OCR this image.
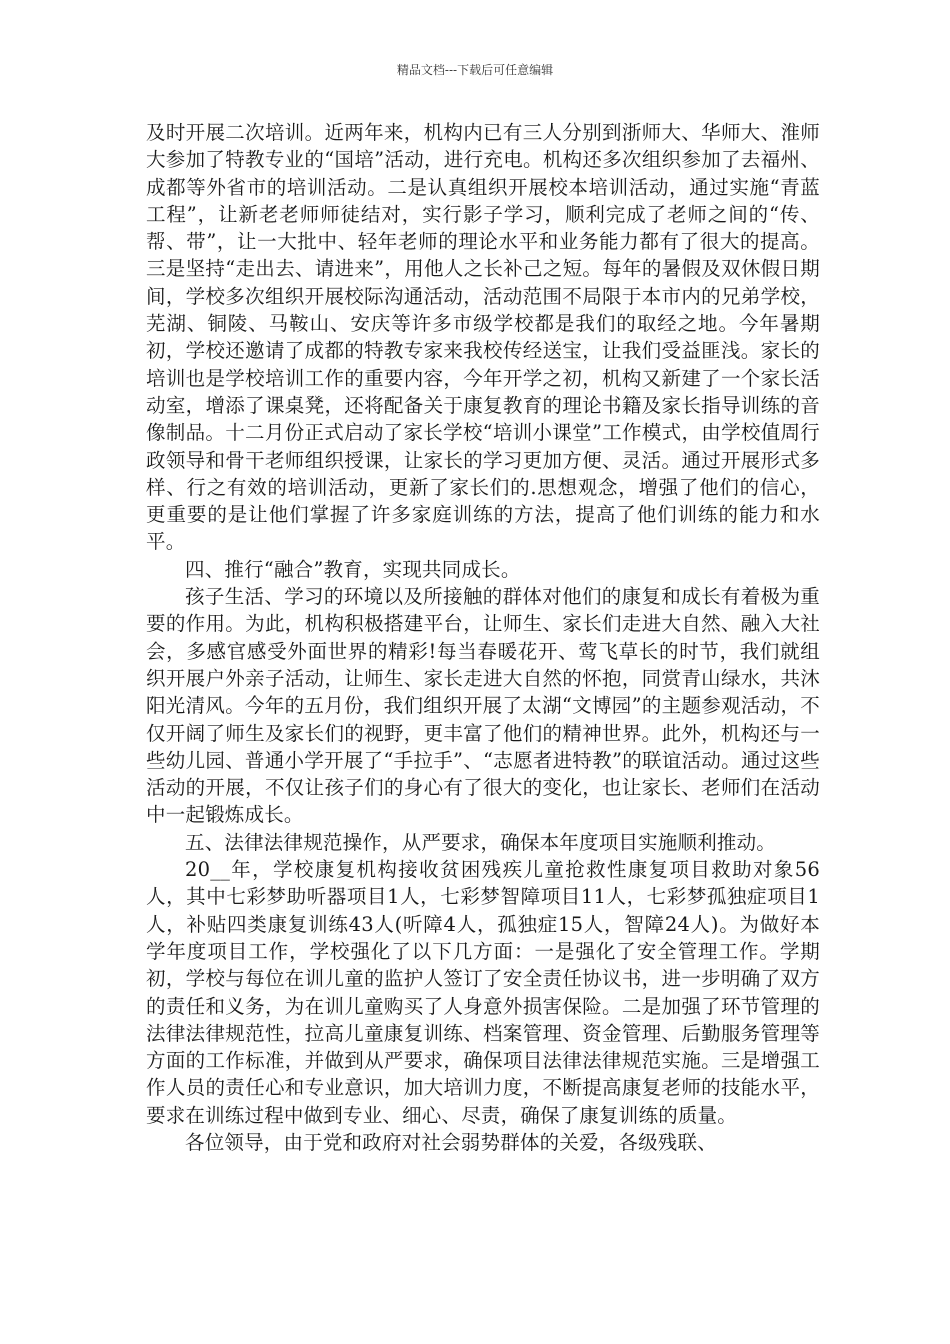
精品文档---下载后可任意编辑

及时开展二次培训。近两年来，机构内已有三人分别到浙师大、华师大、淮师大参加了特教专业的“国培”活动，进行充电。机构还多次组织参加了去福州、成都等外省市的培训活动。二是认真组织开展校本培训活动，通过实施“青蓝工程”，让新老老师师徒结对，实行影子学习，顺利完成了老师之间的“传、帮、带”，让一大批中、轻年老师的理论水平和业务能力都有了很大的提高。三是坚持“走出去、请进来”，用他人之长补己之短。每年的暑假及双休假日期间，学校多次组织开展校际沟通活动，活动范围不局限于本市内的兄弟学校，芜湖、铜陵、马鞍山、安庆等许多市级学校都是我们的取经之地。今年暑期初，学校还邀请了成都的特教专家来我校传经送宝，让我们受益匪浅。家长的培训也是学校培训工作的重要内容，今年开学之初，机构又新建了一个家长活动室，增添了课桌凳，还将配备关于康复教育的理论书籍及家长指导训练的音像制品。十二月份正式启动了家长学校“培训小课堂”工作模式，由学校值周行政领导和骨干老师组织授课，让家长的学习更加方便、灵活。通过开展形式多样、行之有效的培训活动，更新了家长们的.思想观念，增强了他们的信心，更重要的是让他们掌握了许多家庭训练的方法，提高了他们训练的能力和水平。

四、推行“融合”教育，实现共同成长。

孩子生活、学习的环境以及所接触的群体对他们的康复和成长有着极为重要的作用。为此，机构积极搭建平台，让师生、家长们走进大自然、融入大社会，多感官感受外面世界的精彩!每当春暖花开、莺飞草长的时节，我们就组织开展户外亲子活动，让师生、家长走进大自然的怀抱，同赏青山绿水，共沐阳光清风。今年的五月份，我们组织开展了太湖“文博园”的主题参观活动，不仅开阔了师生及家长们的视野，更丰富了他们的精神世界。此外，机构还与一些幼儿园、普通小学开展了“手拉手”、“志愿者进特教”的联谊活动。通过这些活动的开展，不仅让孩子们的身心有了很大的变化，也让家长、老师们在活动中一起锻炼成长。

五、法律法律规范操作，从严要求，确保本年度项目实施顺利推动。

20__年，学校康复机构接收贫困残疾儿童抢救性康复项目救助对象56人，其中七彩梦助听器项目1人，七彩梦智障项目11人，七彩梦孤独症项目1人，补贴四类康复训练43人(听障4人，孤独症15人，智障24人)。为做好本学年度项目工作，学校强化了以下几方面：一是强化了安全管理工作。学期初，学校与每位在训儿童的监护人签订了安全责任协议书，进一步明确了双方的责任和义务，为在训儿童购买了人身意外损害保险。二是加强了环节管理的法律法律规范性，拉高儿童康复训练、档案管理、资金管理、后勤服务管理等方面的工作标准，并做到从严要求，确保项目法律法律规范实施。三是增强工作人员的责任心和专业意识，加大培训力度，不断提高康复老师的技能水平，要求在训练过程中做到专业、细心、尽责，确保了康复训练的质量。

各位领导，由于党和政府对社会弱势群体的关爱，各级残联、
